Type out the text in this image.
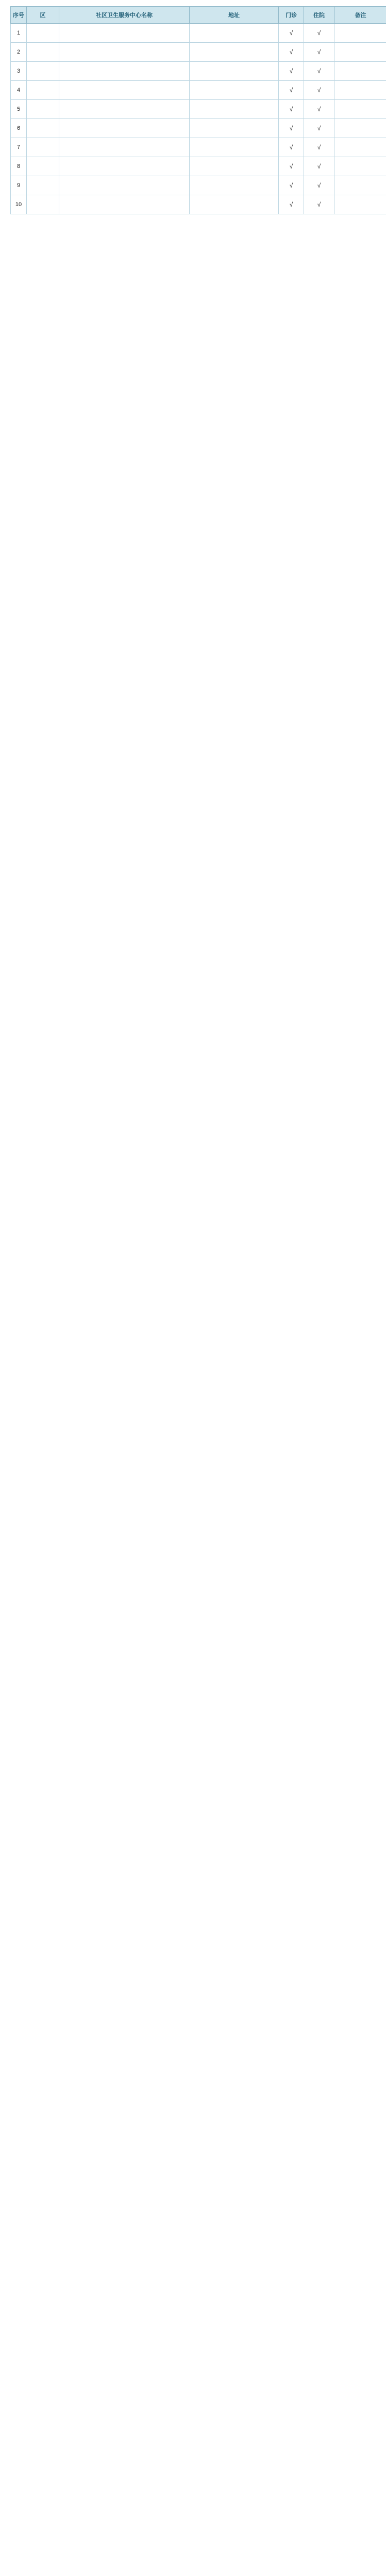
序号	区	社区卫生服务中心名称	地址	门诊	住院	备注
1				√	√	
2				√	√	
3				√	√	
4				√	√	
5				√	√	
6				√	√	
7				√	√	
8				√	√	
9				√	√	
10				√	√	
